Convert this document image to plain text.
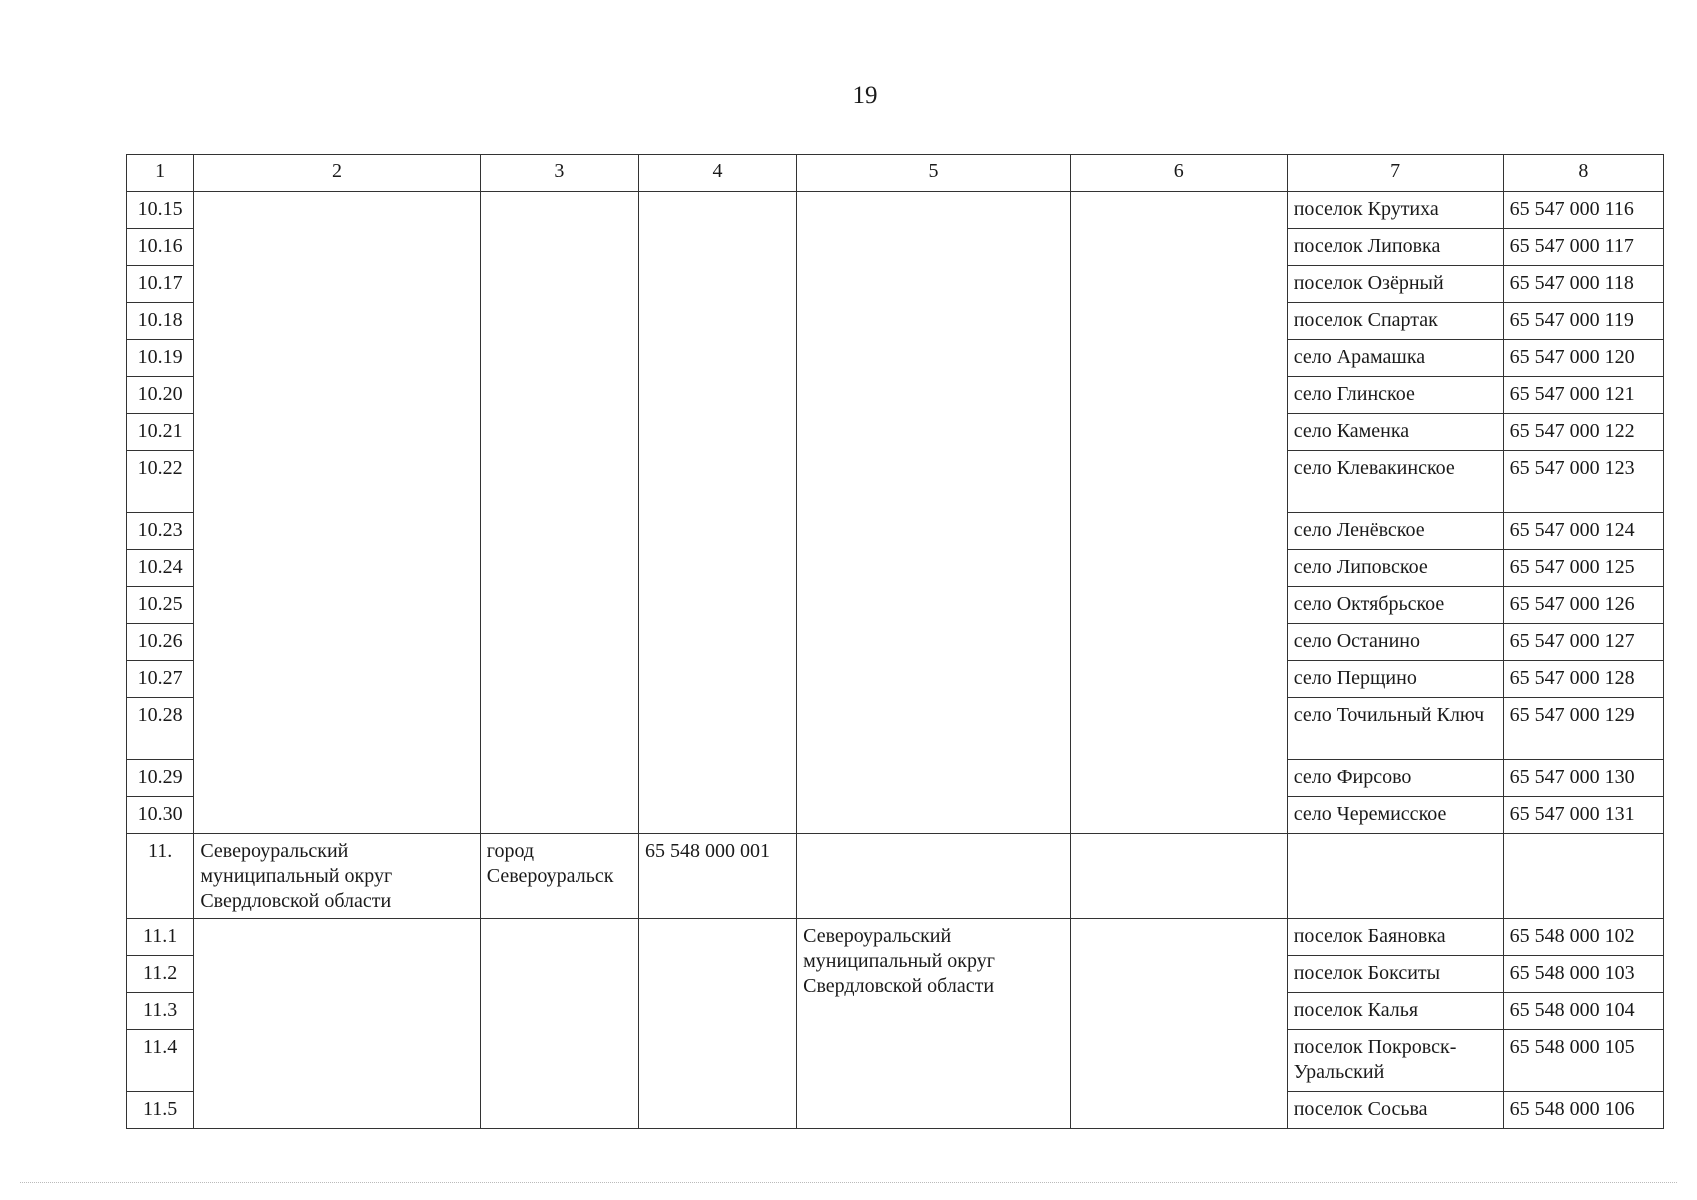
19
1	2	3	4	5	6	7	8
10.15						поселок Крутиха	65 547 000 116
10.16						поселок Липовка	65 547 000 117
10.17						поселок Озёрный	65 547 000 118
10.18						поселок Спартак	65 547 000 119
10.19						село Арамашка	65 547 000 120
10.20						село Глинское	65 547 000 121
10.21						село Каменка	65 547 000 122
10.22						село Клевакинское	65 547 000 123
10.23						село Ленёвское	65 547 000 124
10.24						село Липовское	65 547 000 125
10.25						село Октябрьское	65 547 000 126
10.26						село Останино	65 547 000 127
10.27						село Перщино	65 547 000 128
10.28						село Точильный Ключ	65 547 000 129
10.29						село Фирсово	65 547 000 130
10.30						село Черемисское	65 547 000 131
11.	Североуральский муниципальный округ Свердловской области	город Североуральск	65 548 000 001				
11.1				Североуральский муниципальный округ Свердловской области		поселок Баяновка	65 548 000 102
11.2						поселок Бокситы	65 548 000 103
11.3						поселок Калья	65 548 000 104
11.4						поселок Покровск-Уральский	65 548 000 105
11.5						поселок Сосьва	65 548 000 106
